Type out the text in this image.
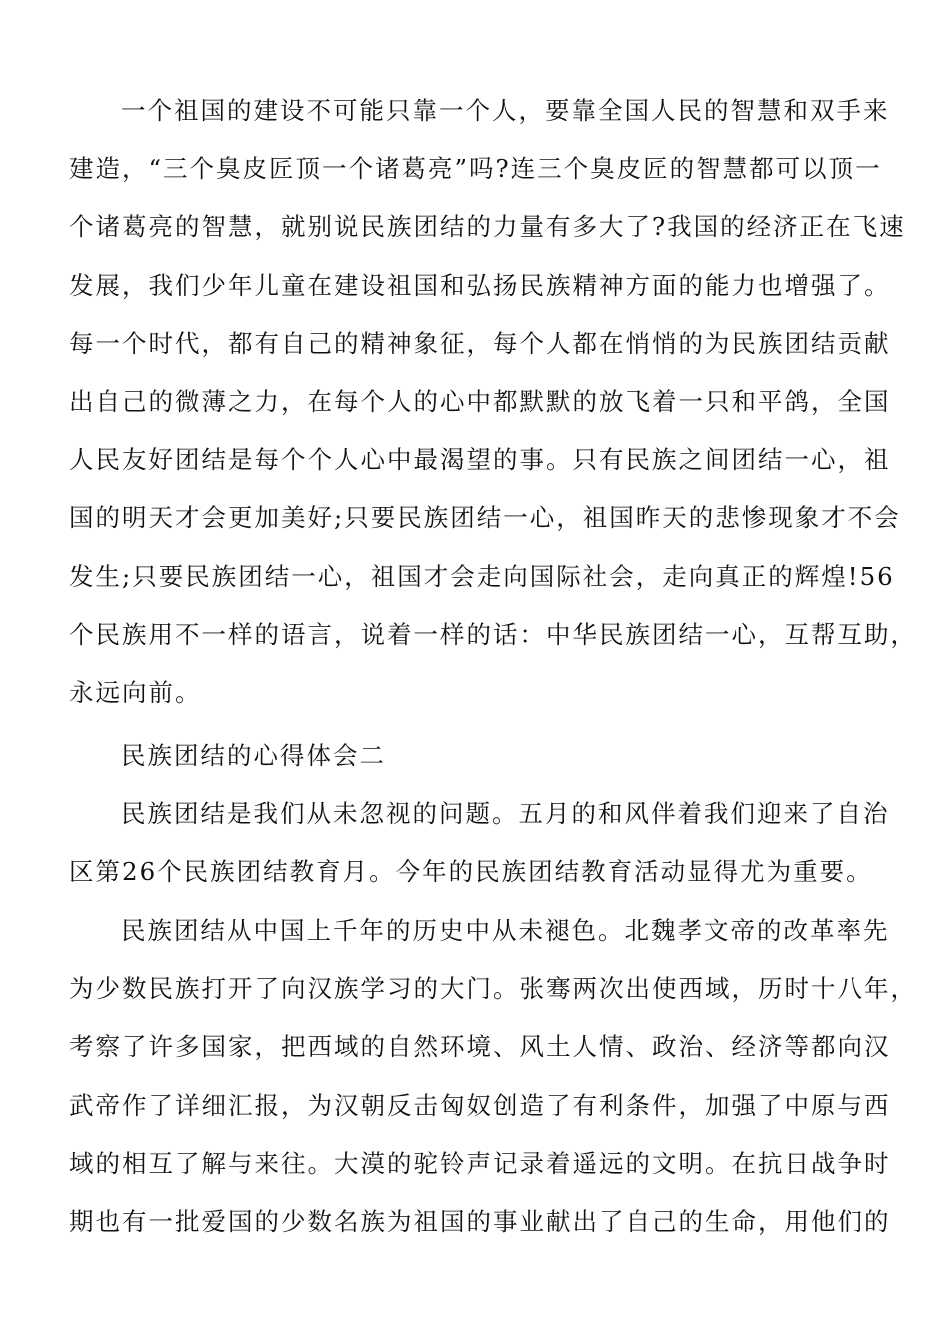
一个祖国的建设不可能只靠一个人，要靠全国人民的智慧和双手来
建造，“三个臭皮匠顶一个诸葛亮”吗?连三个臭皮匠的智慧都可以顶一
个诸葛亮的智慧，就别说民族团结的力量有多大了?我国的经济正在飞速
发展，我们少年儿童在建设祖国和弘扬民族精神方面的能力也增强了。
每一个时代，都有自己的精神象征，每个人都在悄悄的为民族团结贡献
出自己的微薄之力，在每个人的心中都默默的放飞着一只和平鸽，全国
人民友好团结是每个个人心中最渴望的事。只有民族之间团结一心，祖
国的明天才会更加美好;只要民族团结一心，祖国昨天的悲惨现象才不会
发生;只要民族团结一心，祖国才会走向国际社会，走向真正的辉煌!56
个民族用不一样的语言，说着一样的话：中华民族团结一心，互帮互助，
永远向前。
民族团结的心得体会二
民族团结是我们从未忽视的问题。五月的和风伴着我们迎来了自治
区第26个民族团结教育月。今年的民族团结教育活动显得尤为重要。
民族团结从中国上千年的历史中从未褪色。北魏孝文帝的改革率先
为少数民族打开了向汉族学习的大门。张骞两次出使西域，历时十八年，
考察了许多国家，把西域的自然环境、风土人情、政治、经济等都向汉
武帝作了详细汇报，为汉朝反击匈奴创造了有利条件，加强了中原与西
域的相互了解与来往。大漠的驼铃声记录着遥远的文明。在抗日战争时
期也有一批爱国的少数名族为祖国的事业献出了自己的生命，用他们的
